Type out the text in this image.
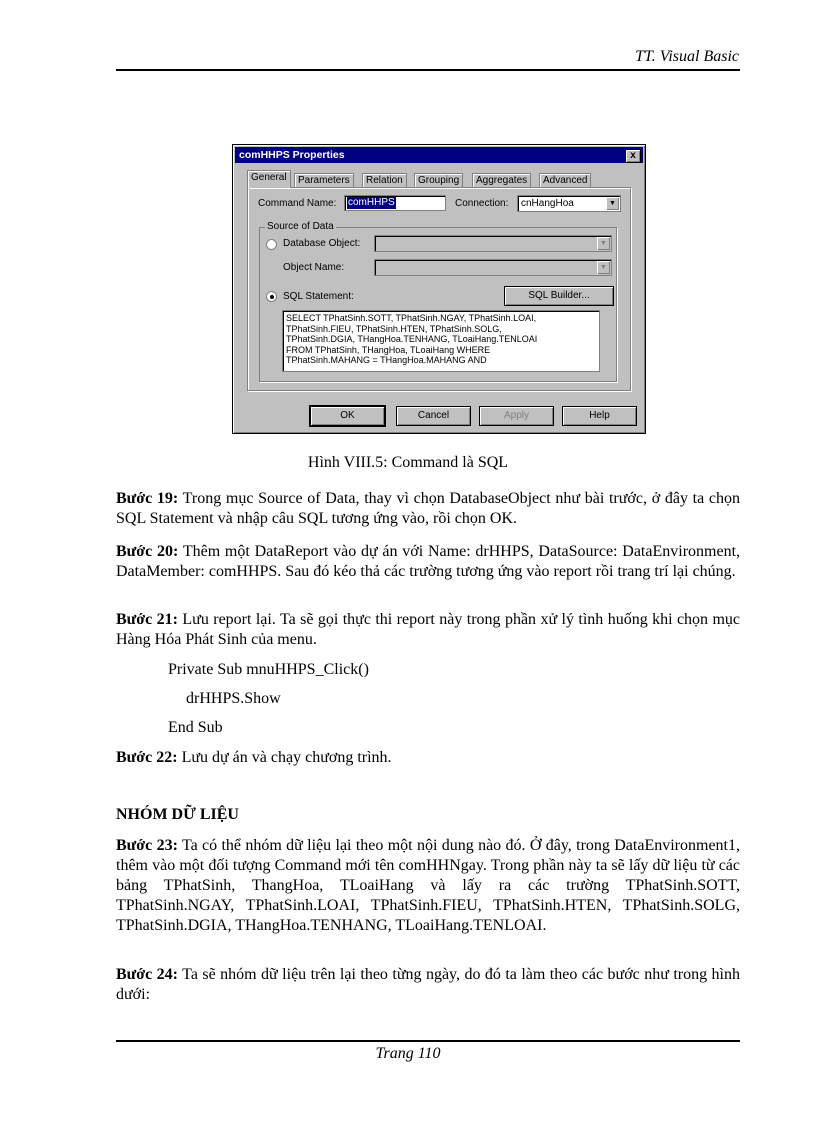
TT. Visual Basic
comHHPS Properties	x
General	Parameters	Relation	Grouping	Aggregates	Advanced
Command Name: comHHPS	Connection: cnHangHoa	▼
Source of Data
Database Object:	▼
Object Name:	▼
SQL Statement:	SQL Builder...
SELECT TPhatSinh.SOTT, TPhatSinh.NGAY, TPhatSinh.LOAI,
TPhatSinh.FIEU, TPhatSinh.HTEN, TPhatSinh.SOLG,
TPhatSinh.DGIA, THangHoa.TENHANG, TLoaiHang.TENLOAI
FROM TPhatSinh, THangHoa, TLoaiHang WHERE
TPhatSinh.MAHANG = THangHoa.MAHANG AND
OK	Cancel	Apply	Help
Hình VIII.5: Command là SQL
Bước 19: Trong mục Source of Data, thay vì chọn DatabaseObject như bài trước, ở đây ta chọn SQL Statement và nhập câu SQL tương ứng vào, rồi chọn OK.
Bước 20: Thêm một DataReport vào dự án với Name: drHHPS, DataSource: DataEnvironment, DataMember: comHHPS. Sau đó kéo thả các trường tương ứng vào report rồi trang trí lại chúng.
Bước 21: Lưu report lại. Ta sẽ gọi thực thi report này trong phần xử lý tình huống khi chọn mục Hàng Hóa Phát Sinh của menu.
Private Sub mnuHHPS_Click()
drHHPS.Show
End Sub
Bước 22: Lưu dự án và chạy chương trình.
NHÓM DỮ LIỆU
Bước 23: Ta có thể nhóm dữ liệu lại theo một nội dung nào đó. Ở đây, trong DataEnvironment1, thêm vào một đối tượng Command mới tên comHHNgay. Trong phần này ta sẽ lấy dữ liệu từ các bảng TPhatSinh, ThangHoa, TLoaiHang và lấy ra các trường TPhatSinh.SOTT, TPhatSinh.NGAY, TPhatSinh.LOAI, TPhatSinh.FIEU, TPhatSinh.HTEN, TPhatSinh.SOLG, TPhatSinh.DGIA, THangHoa.TENHANG, TLoaiHang.TENLOAI.
Bước 24: Ta sẽ nhóm dữ liệu trên lại theo từng ngày, do đó ta làm theo các bước như trong hình dưới:
Trang 110
